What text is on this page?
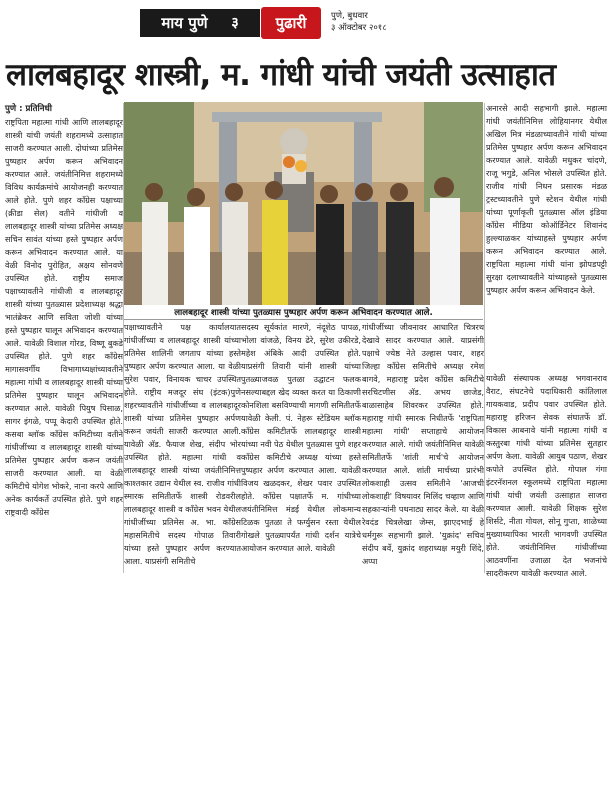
माय पुणे	३	पुढारी	पुणे, बुधवार
३ ऑक्टोबर २०१८
लालबहादूर शास्त्री, म. गांधी यांची जयंती उत्साहात

पुणे : प्रतिनिधी

राष्ट्रपिता महात्मा गांधी आणि लालबहादूर शास्त्री यांची जयंती शहरामध्ये उत्साहात साजरी करण्यात आली. दोघांच्या प्रतिमेस पुष्पहार अर्पण करून अभिवादन करण्यात आले. जयंतीनिमित्त शहरामध्ये विविध कार्यक्रमांचे आयोजनही करण्यात आले होते. पुणे शहर काँग्रेस पक्षाच्या (क्रीडा सेल) वतीने गांधीजी व लालबहादूर शास्त्री यांच्या प्रतिमेस अध्यक्ष सचिन सावंत यांच्या हस्ते पुष्पहार अर्पण करून अभिवादन करण्यात आले. या वेळी विनोद पुरोहित, अक्षय सोनवणे उपस्थित होते. राष्ट्रीय समाज पक्षाच्यावतीने गांधीजी व लालबहादूर शास्त्री यांच्या पुतळ्यास प्रदेशाध्यक्ष श्रद्धा भातंब्रेकर आणि सविता जोशी यांच्या हस्ते पुष्पहार घालून अभिवादन करण्यात आले. यावेळी विशाल गोरड, विष्णू बुकडे उपस्थित होते. पुणे शहर काँग्रेस मागासवर्गीय विभागाध्यक्षांच्यावतीने महात्मा गांधी व लालबहादूर शास्त्री यांच्या प्रतिमेस पुष्पहार घालून अभिवादन करण्यात आले. यावेळी पियुष पिसाळ, सागर इंगळे, पप्पू केदारी उपस्थित होते. कसबा ब्लॉक काँग्रेस कमिटीच्या वतीने गांधीजींच्या व लालबहादूर शास्त्री यांच्या प्रतिमेस पुष्पहार अर्पण करून जयंती साजरी करण्यात आली. या वेळी कमिटीचे योगेश भोकरे, नाना करपे आणि अनेक कार्यकर्ते उपस्थित होते. पुणे शहर राष्ट्रवादी काँग्रेस

लालबहादूर शास्त्री यांच्या पुतळ्यास पुष्पहार अर्पण करून अभिवादन करण्यात आले.

पक्षाच्यावतीने पक्ष कार्यालयात गांधीजींच्या व लालबहादूर शास्त्री यांच्या प्रतिमेस शालिनी जगताप यांच्या हस्ते पुष्पहार अर्पण करण्यात आला. या वेळी सुरेश पवार, विनायक चाचर उपस्थित होते. राष्ट्रीय मजदूर संघ (इंटक)पुणे शहरच्यावतीने गांधीजींच्या व लालबहादूर शास्त्री यांच्या प्रतिमेस पुष्पहार अर्पण करून जयंती साजरी करण्यात आली. यावेळी अ‍ॅड. फैयाज शेख, संदीप भोर उपस्थित होते. महात्मा गांधी व लालबहादूर शास्त्री यांच्या जयंतीनिमित्त काश्तकार उद्यान येथील स्व. राजीव गांधी स्मारक समितीतर्फे शास्त्री रोडवरील लालबहादूर शास्त्री व काँग्रेस भवन येथील गांधीजींच्या प्रतिमेस अ. भा. काँग्रेस महासमितीचे सदस्य गोपाळ तिवारी यांच्या हस्ते पुष्पहार अर्पण करण्यात आला. याप्रसंगी समितीचे

सदस्य सूर्यकांत मारणे, नंदूशेठ पापळ, भोला वांजळे, विनय ढेरे, सुरेश उकीरडे, महेश अंबिके आदी उपस्थित होते. याप्रसंगी तिवारी यांनी शास्त्री यांच्या पुतळ्याजवळ पुतळा उद्घाटन फलक नसल्याबद्दल खेद व्यक्त करत या ठिकाणी कोनशिला बसविण्याची मागणी समितीतर्फे यावेळी केली. पं. नेहरू स्टेडियम ब्लॉक काँग्रेस कमिटीतर्फे लालबहादूर शास्त्री यांच्या नवी पेठ येथील पुतळ्यास पुणे शहर काँग्रेस कमिटीचे अध्यक्ष यांच्या हस्ते पुष्पहार अर्पण करण्यात आला. यावेळी विजय खळदकर, शेखर पवार उपस्थित होते. काँग्रेस पक्षातर्फे म. गांधीच्या जयंतीनिमित्त मंडई येथील लोकमान्य टिळक पुतळा ते फर्ग्युसन रस्ता येथील गोखले पुतळ्यापर्यंत गांधी दर्शन यात्रेचे आयोजन करण्यात आले. यावेळी

गांधीजींच्या जीवनावर आधारित चित्ररथ देखावे सादर करण्यात आले. याप्रसंगी पक्षाचे ज्येष्ठ नेते उल्हास पवार, शहर जिल्हा काँग्रेस समितीचे अध्यक्ष रमेश बागवे, महाराष्ट्र प्रदेश काँग्रेस कमिटीचे सरचिटणीस अ‍ॅड. अभय छाजेड, बाळासाहेब शिवरकर उपस्थित होते. महाराष्ट्र गांधी स्मारक निधीतर्फे 'राष्ट्रपिता महात्मा गांधी' सप्ताहाचे आयोजन करण्यात आले. गांधी जयंतीनिमित्त यावेळी समितीतर्फे 'शांती मार्च'चे आयोजन करण्यात आले. शांती मार्चच्या प्रारंभी लोकशाही उत्सव समितीने 'आजची लोकशाही' विषयावर मिलिंद चव्हाण आणि सहकाऱ्यांनी पथनाट्य सादर केले. या वेळी रेवदंड चित्रलेखा जेम्स, झाएदभाई हे धर्मगुरू सहभागी झाले. 'युक्रांद' सचिव संदीप बर्वे, युक्रांद शहराध्यक्ष मयुरी शिंदे, अप्पा

अनारसे आदी सहभागी झाले. महात्मा गांधी जयंतीनिमित्त लोहियानगर येथील अखिल मित्र मंडळाच्यावतीने गांधी यांच्या प्रतिमेस पुष्पहार अर्पण करून अभिवादन करण्यात आले. यावेळी मधुकर चांदणे, राजू भगुडे, अनिल भोसले उपस्थित होते. राजीव गांधी निधन प्रसारक मंडळ ट्रस्टच्यावतीने पुणे स्टेशन येथील गांधी यांच्या पूर्णाकृती पुतळ्यास ऑल इंडिया काँग्रेस मीडिया कोऑर्डिनेटर शिवानंद हुल्ल्याळकर यांच्याहस्ते पुष्पहार अर्पण करून अभिवादन करण्यात आले. राष्ट्रपिता महात्मा गांधी यांना झोपडपट्टी सुरक्षा दलाच्यावतीने यांच्याहस्ते पुतळ्यास पुष्पहार अर्पण करून अभिवादन केले.

यावेळी संस्थापक अध्यक्ष भगवानराव वैराट, संघटनेचे पदाधिकारी कांतिलाल गायकवाड, प्रदीप पवार उपस्थित होते. महाराष्ट्र हरिजन सेवक संघातर्फे डॉ. विकास आबनावे यांनी महात्मा गांधी व कस्तुरबा गांधी यांच्या प्रतिमेस सुतहार अर्पण केला. यावेळी आयुब पठाण, शेखर कपोते उपस्थित होते. गोपाल गंगा इंटरनॅशनल स्कूलमध्ये राष्ट्रपिता महात्मा गांधी यांची जयंती उत्साहात साजरा करण्यात आली. यावेळी शिक्षक सुरेश शिर्सटे, नीता गोयल, सोनू गुप्ता, शाळेच्या मुख्याध्यापिका भारती भागवणी उपस्थित होते. जयंतीनिमित्त गांधीजींच्या आठवणींना उजाळा देत भजनांचे सादरीकरण यावेळी करण्यात आले.
